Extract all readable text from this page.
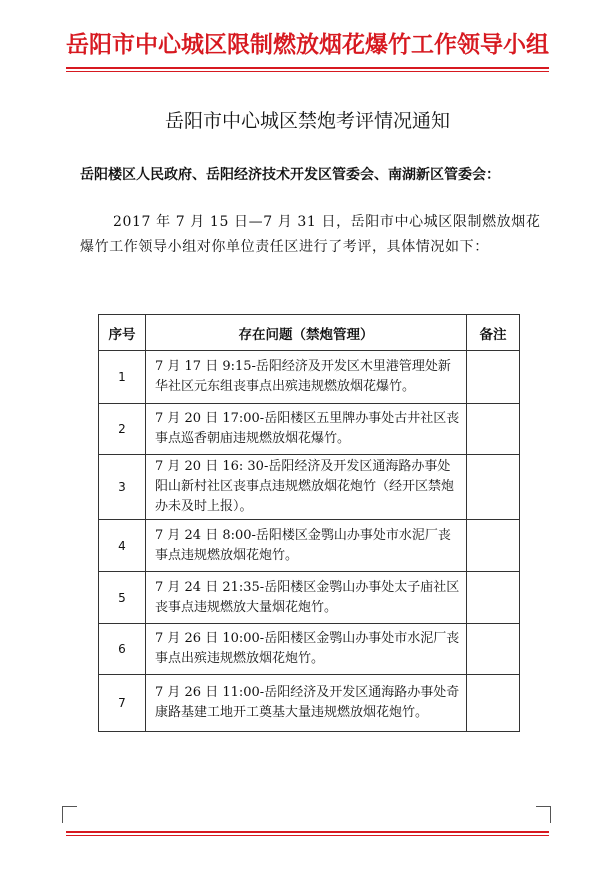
岳阳市中心城区限制燃放烟花爆竹工作领导小组
岳阳市中心城区禁炮考评情况通知
岳阳楼区人民政府、岳阳经济技术开发区管委会、南湖新区管委会：
2017 年 7 月 15 日—7 月 31 日，岳阳市中心城区限制燃放烟花爆竹工作领导小组对你单位责任区进行了考评，具体情况如下：
序号	存在问题（禁炮管理）	备注
1	7 月 17 日 9:15-岳阳经济及开发区木里港管理处新华社区元东组丧事点出殡违规燃放烟花爆竹。	
2	7 月 20 日 17:00-岳阳楼区五里牌办事处古井社区丧事点巡香朝庙违规燃放烟花爆竹。	
3	7 月 20 日 16: 30-岳阳经济及开发区通海路办事处阳山新村社区丧事点违规燃放烟花炮竹（经开区禁炮办未及时上报）。	
4	7 月 24 日 8:00-岳阳楼区金鹗山办事处市水泥厂丧事点违规燃放烟花炮竹。	
5	7 月 24 日 21:35-岳阳楼区金鹗山办事处太子庙社区丧事点违规燃放大量烟花炮竹。	
6	7 月 26 日 10:00-岳阳楼区金鹗山办事处市水泥厂丧事点出殡违规燃放烟花炮竹。	
7	7 月 26 日 11:00-岳阳经济及开发区通海路办事处奇康路基建工地开工奠基大量违规燃放烟花炮竹。	
